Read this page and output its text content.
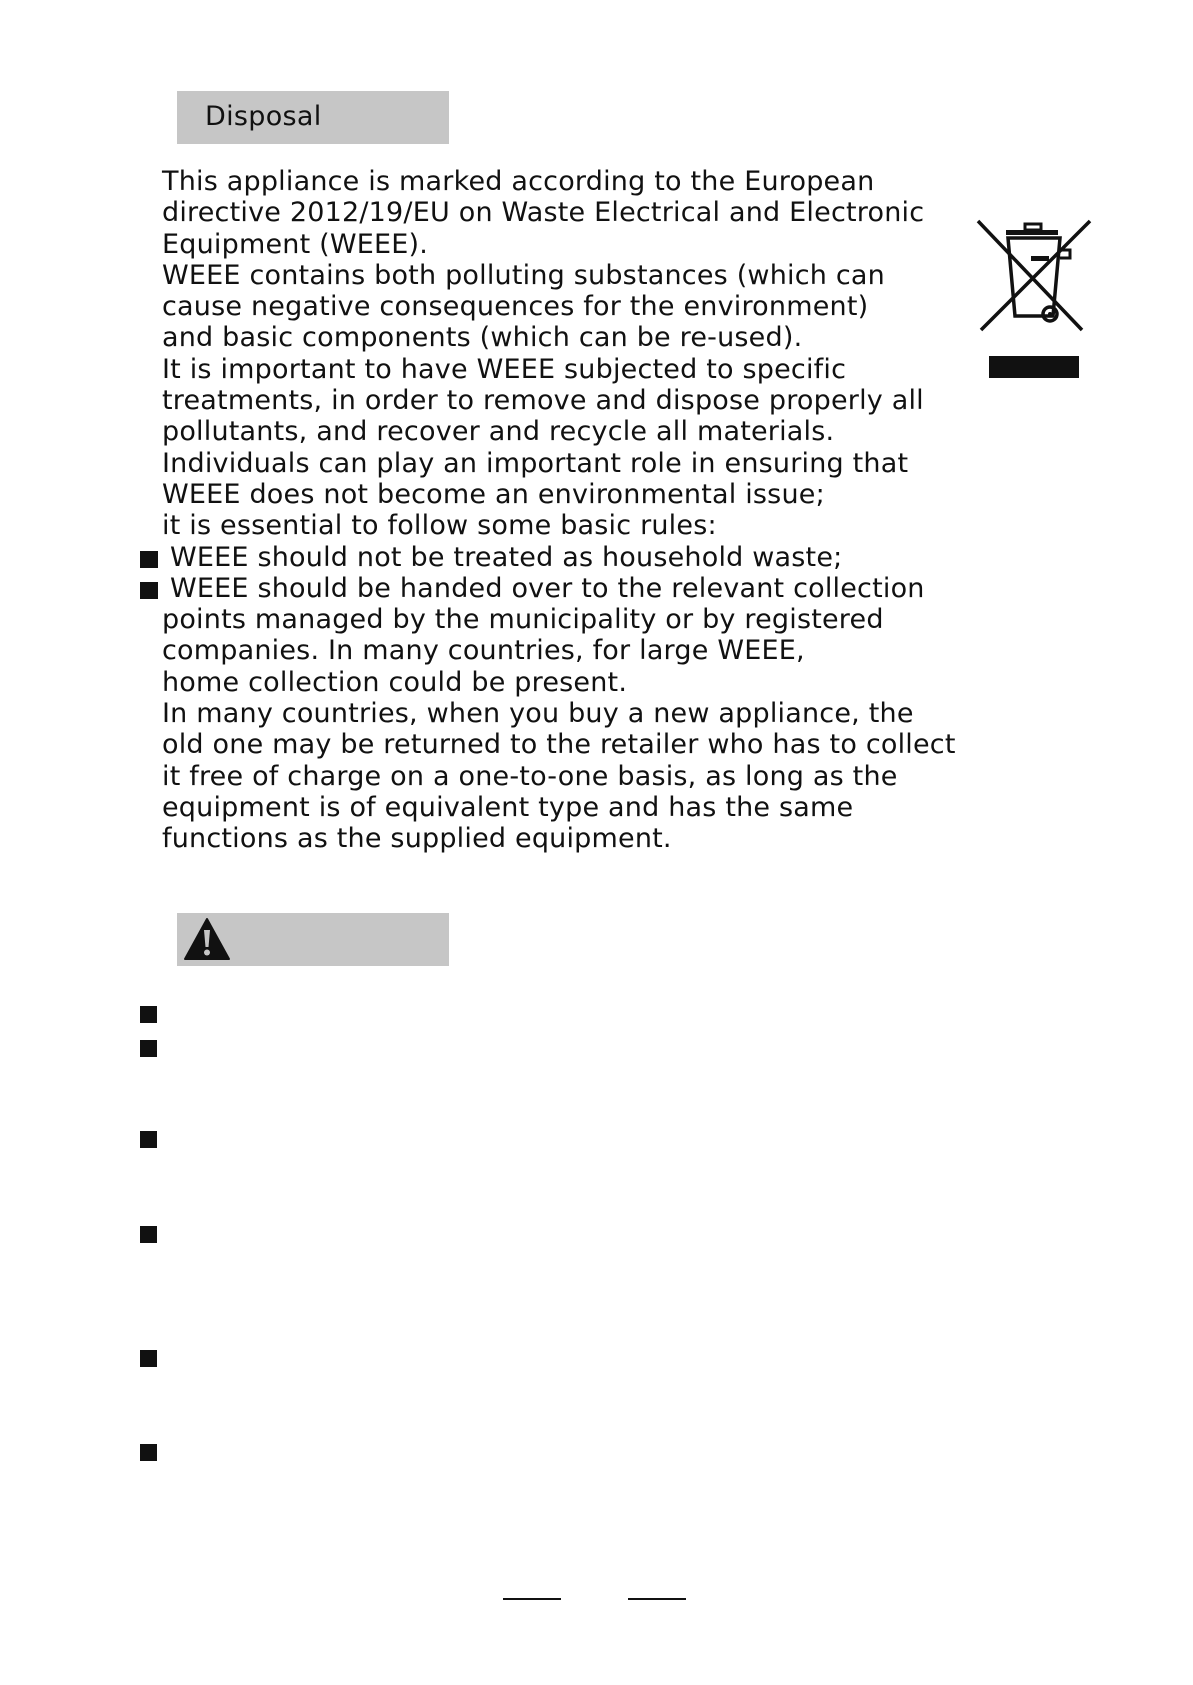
Disposal
This appliance is marked according to the European
directive 2012/19/EU on Waste Electrical and Electronic
Equipment (WEEE).
WEEE contains both polluting substances (which can
cause negative consequences for the environment)
and basic components (which can be re-used).
It is important to have WEEE subjected to specific
treatments, in order to remove and dispose properly all
pollutants, and recover and recycle all materials.
Individuals can play an important role in ensuring that
WEEE does not become an environmental issue;
it is essential to follow some basic rules:
WEEE should not be treated as household waste;
WEEE should be handed over to the relevant collection
points managed by the municipality or by registered
companies. In many countries, for large WEEE,
home collection could be present.
In many countries, when you buy a new appliance, the
old one may be returned to the retailer who has to collect
it free of charge on a one-to-one basis, as long as the
equipment is of equivalent type and has the same
functions as the supplied equipment.
